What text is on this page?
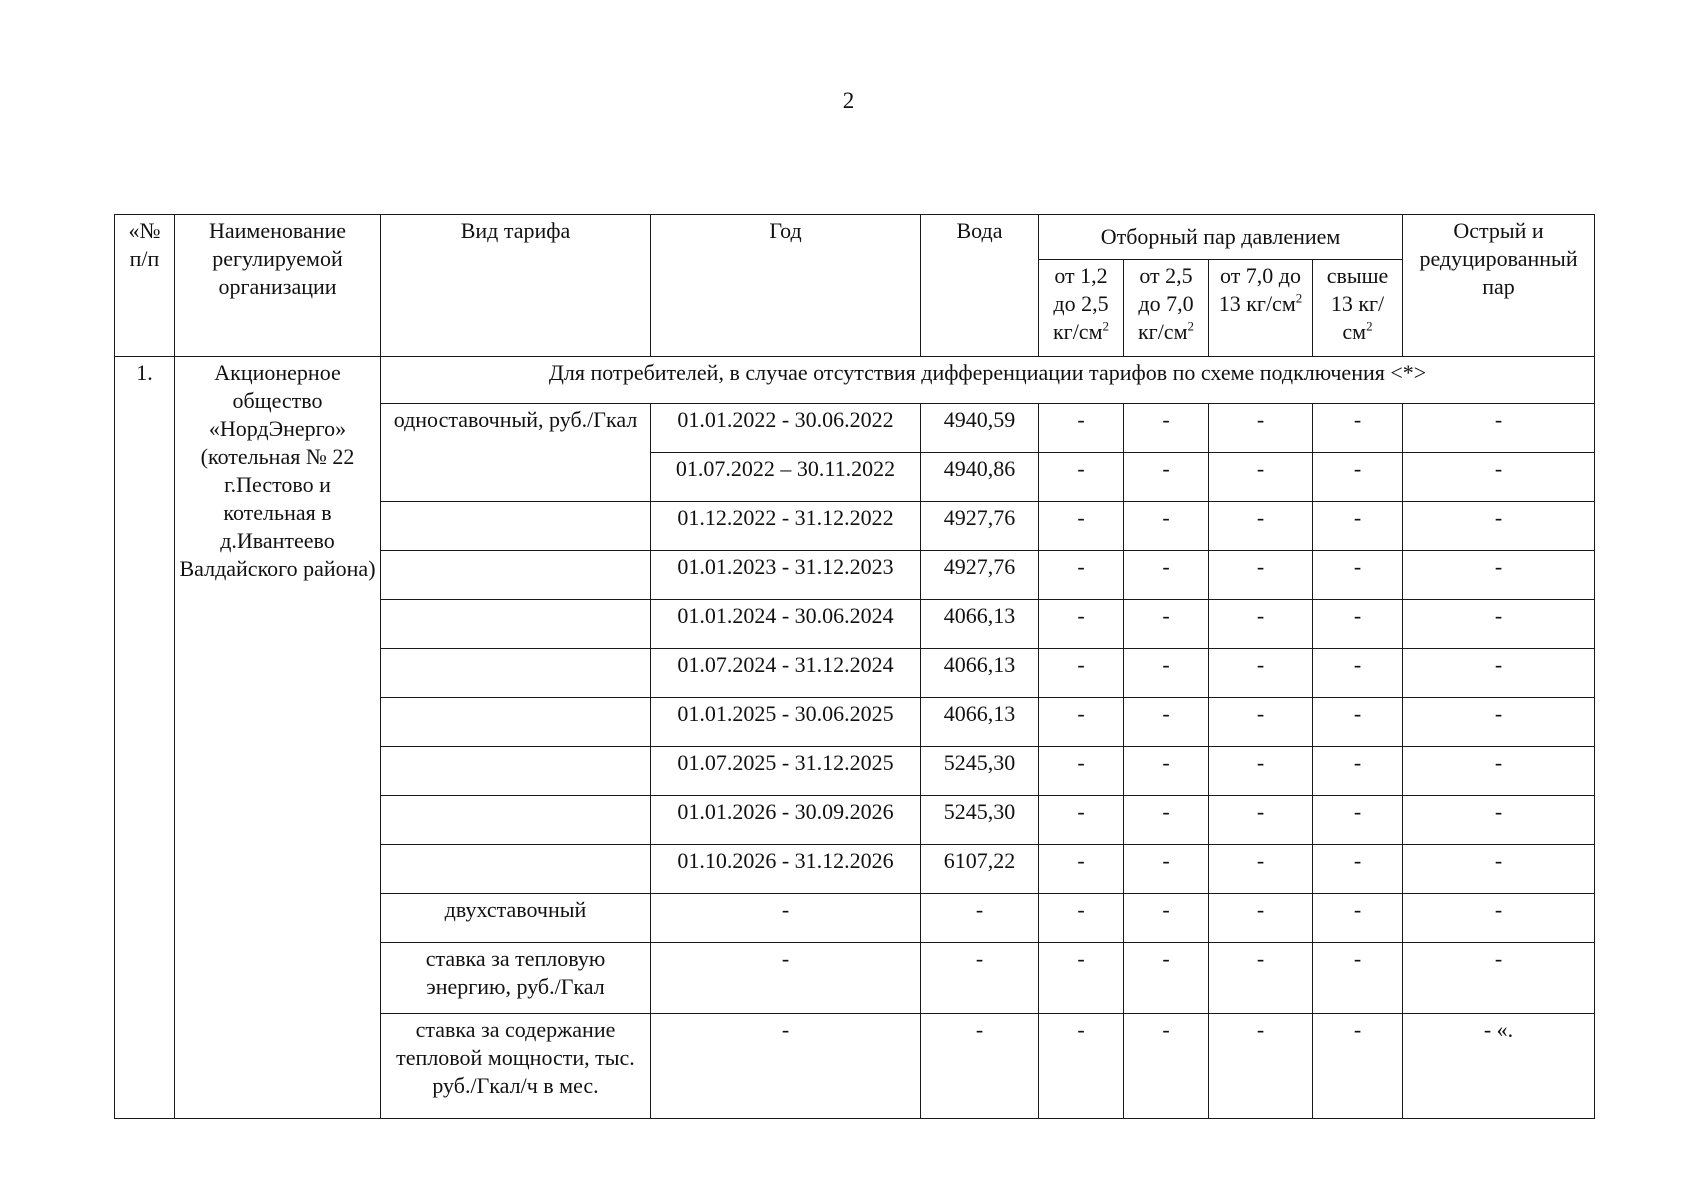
2
«№ п/п	Наименование регулируемой организации	Вид тарифа	Год	Вода	Отборный пар давлением				Острый и редуцированный пар
					от 1,2 до 2,5 $кг/см^2$	от 2,5 до 7,0 $кг/см^2$	от 7,0 до 13 $кг/см^2$	свыше 13 $кг/см^2$
1.	Акционерное общество «НордЭнерго» (котельная № 22 г.Пестово и котельная в д.Ивантеево Валдайского района)	Для потребителей, в случае отсутствия дифференциации тарифов по схеме подключения <*>							
		одноставочный, руб./Гкал	01.01.2022 - 30.06.2022	4940,59	-	-	-	-	-
			01.07.2022 – 30.11.2022	4940,86	-	-	-	-	-
			01.12.2022 - 31.12.2022	4927,76	-	-	-	-	-
			01.01.2023 - 31.12.2023	4927,76	-	-	-	-	-
			01.01.2024 - 30.06.2024	4066,13	-	-	-	-	-
			01.07.2024 - 31.12.2024	4066,13	-	-	-	-	-
			01.01.2025 - 30.06.2025	4066,13	-	-	-	-	-
			01.07.2025 - 31.12.2025	5245,30	-	-	-	-	-
			01.01.2026 - 30.09.2026	5245,30	-	-	-	-	-
			01.10.2026 - 31.12.2026	6107,22	-	-	-	-	-
		двухставочный	-	-	-	-	-	-	-
		ставка за тепловую энергию, руб./Гкал	-	-	-	-	-	-	-
		ставка за содержание тепловой мощности, тыс. руб./Гкал/ч в мес.	-	-	-	-	-	-	- «.
